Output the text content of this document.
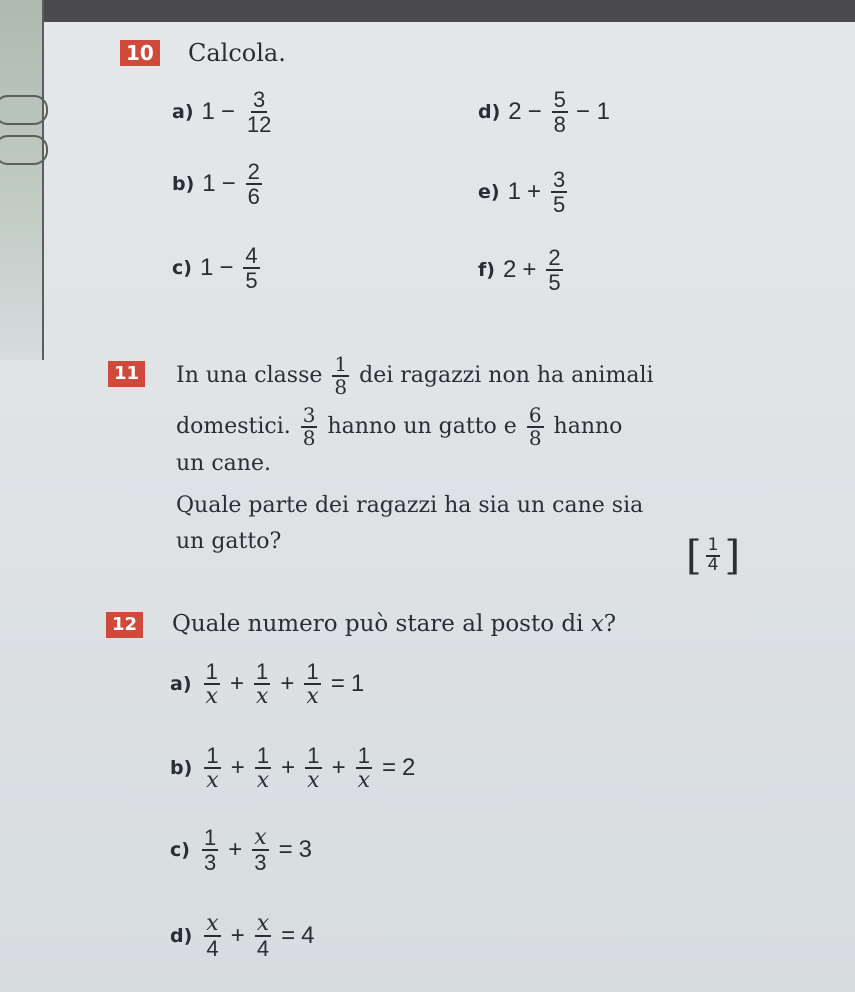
10 Calcola.
a) $1 - \frac{3}{12}$
b) $1 - \frac{2}{6}$
c) $1 - \frac{4}{5}$
d) $2 - \frac{5}{8} - 1$
e) $1 + \frac{3}{5}$
f) $2 + \frac{2}{5}$
11 In una classe $\frac{1}{8}$ dei ragazzi non ha animali
domestici. $\frac{3}{8}$ hanno un gatto e $\frac{6}{8}$ hanno
un cane.
Quale parte dei ragazzi ha sia un cane sia
un gatto?	[ $\frac{1}{4}$ ]
12 Quale numero può stare al posto di
x ?
$a) \frac{1}{x} + \frac{1}{x} + \frac{1}{x} = 1$
$b) \frac{1}{x} + \frac{1}{x} + \frac{1}{x} + \frac{1}{x} = 2$
$c) \frac{1}{3} + \frac{x}{3} = 3$
$d) \frac{x}{4} + \frac{x}{4} = 4$
